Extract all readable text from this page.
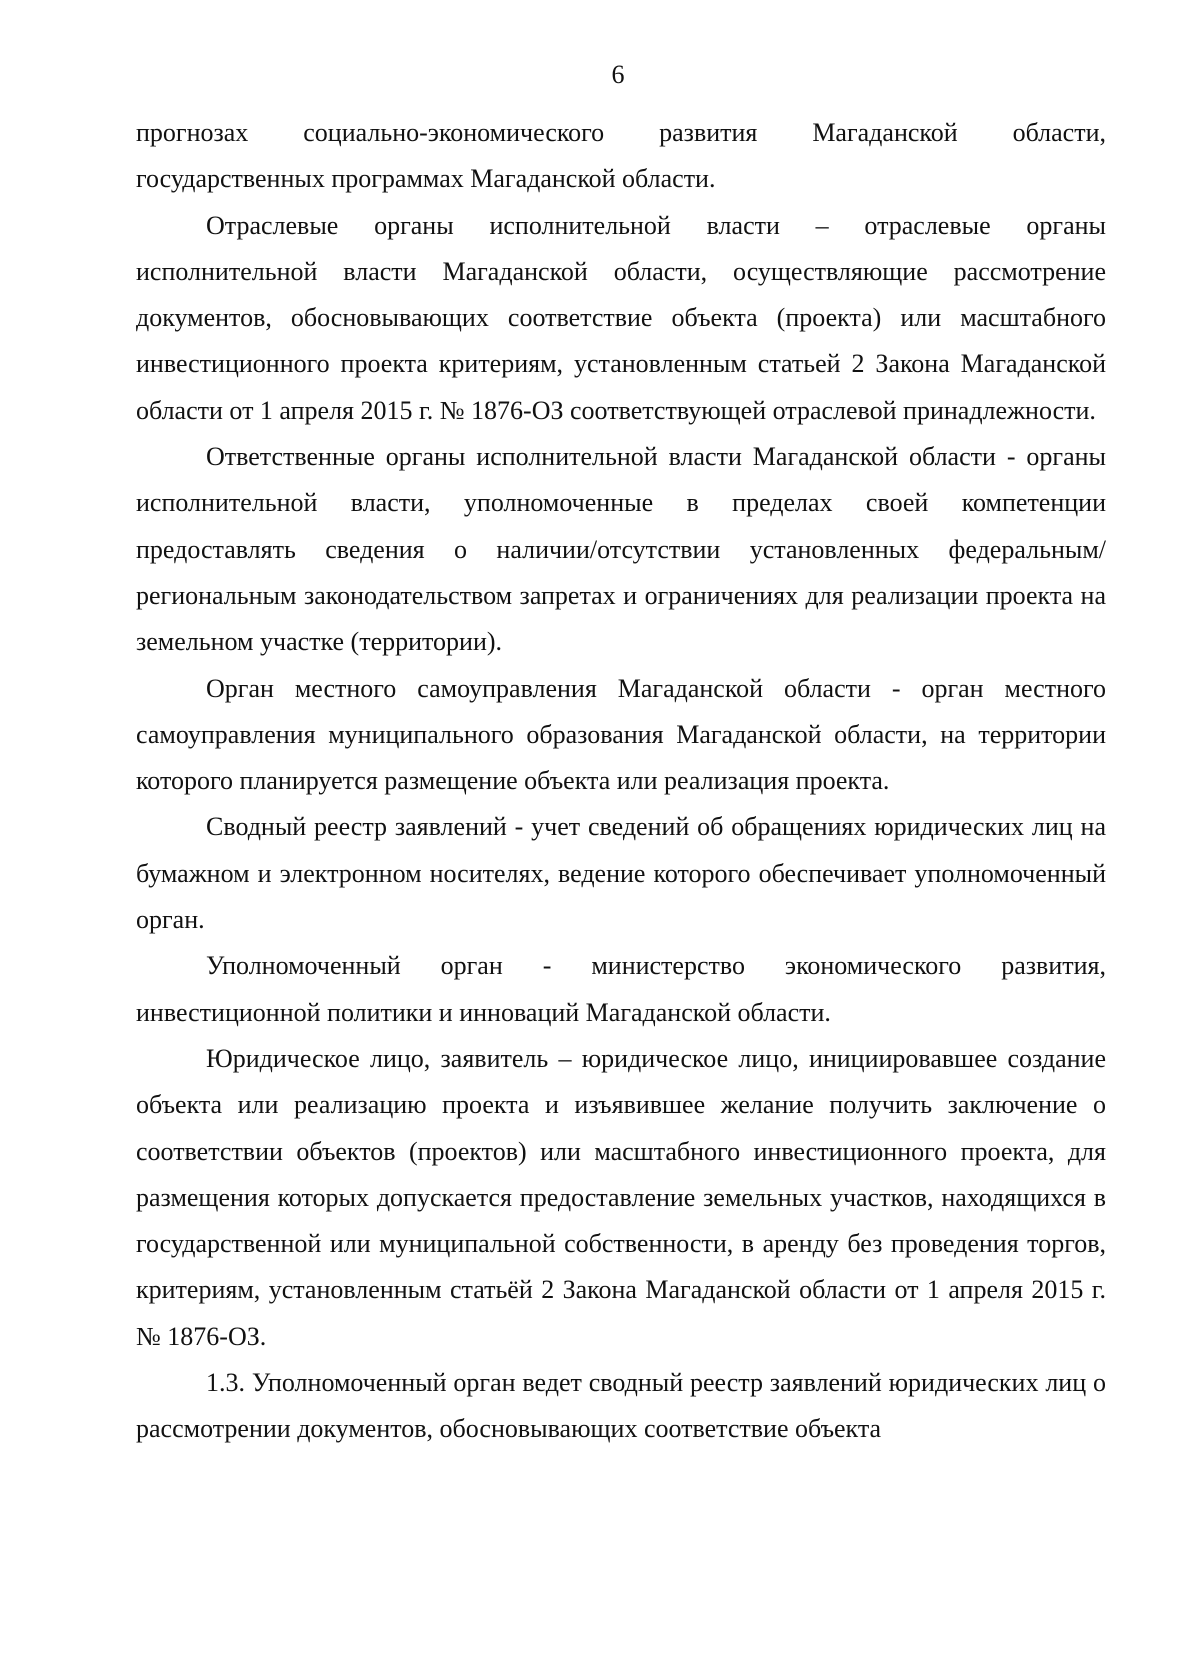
6

прогнозах социально-экономического развития Магаданской области, государственных программах Магаданской области.

Отраслевые органы исполнительной власти – отраслевые органы исполнительной власти Магаданской области, осуществляющие рассмотрение документов, обосновывающих соответствие объекта (проекта) или масштабного инвестиционного проекта критериям, установленным статьей 2 Закона Магаданской области от 1 апреля 2015 г. № 1876-ОЗ соответствующей отраслевой принадлежности.

Ответственные органы исполнительной власти Магаданской области - органы исполнительной власти, уполномоченные в пределах своей компетенции предоставлять сведения о наличии/отсутствии установленных федеральным/региональным законодательством запретах и ограничениях для реализации проекта на земельном участке (территории).

Орган местного самоуправления Магаданской области - орган местного самоуправления муниципального образования Магаданской области, на территории которого планируется размещение объекта или реализация проекта.

Сводный реестр заявлений - учет сведений об обращениях юридических лиц на бумажном и электронном носителях, ведение которого обеспечивает уполномоченный орган.

Уполномоченный орган - министерство экономического развития, инвестиционной политики и инноваций Магаданской области.

Юридическое лицо, заявитель – юридическое лицо, инициировавшее создание объекта или реализацию проекта и изъявившее желание получить заключение о соответствии объектов (проектов) или масштабного инвестиционного проекта, для размещения которых допускается предоставление земельных участков, находящихся в государственной или муниципальной собственности, в аренду без проведения торгов, критериям, установленным статьёй 2 Закона Магаданской области от 1 апреля 2015 г. № 1876-ОЗ.

1.3. Уполномоченный орган ведет сводный реестр заявлений юридических лиц о рассмотрении документов, обосновывающих соответствие объекта
